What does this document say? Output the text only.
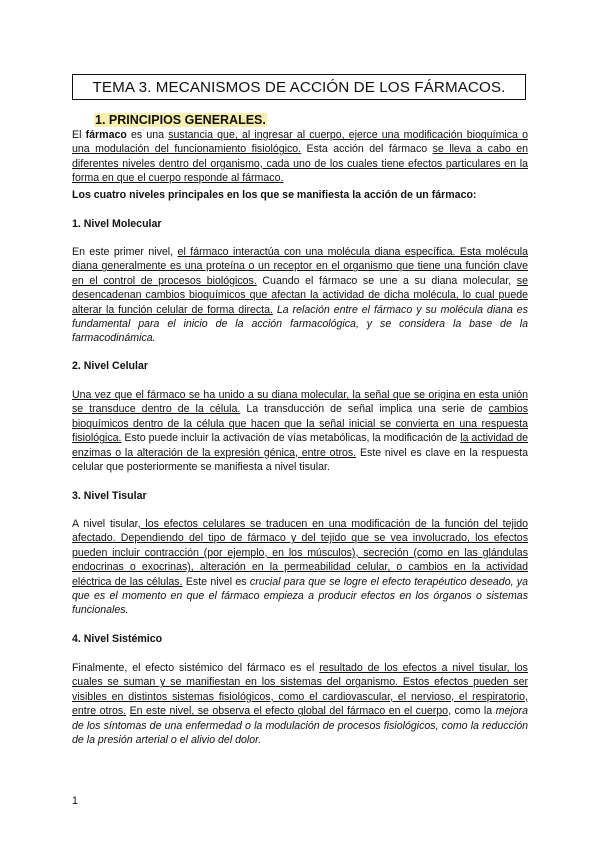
TEMA 3. MECANISMOS DE ACCIÓN DE LOS FÁRMACOS.
1. PRINCIPIOS GENERALES.
El fármaco es una sustancia que, al ingresar al cuerpo, ejerce una modificación bioquímica o una modulación del funcionamiento fisiológico. Esta acción del fármaco se lleva a cabo en diferentes niveles dentro del organismo, cada uno de los cuales tiene efectos particulares en la forma en que el cuerpo responde al fármaco.
Los cuatro niveles principales en los que se manifiesta la acción de un fármaco:
1. Nivel Molecular
En este primer nivel, el fármaco interactúa con una molécula diana específica. Esta molécula diana generalmente es una proteína o un receptor en el organismo que tiene una función clave en el control de procesos biológicos. Cuando el fármaco se une a su diana molecular, se desencadenan cambios bioquímicos que afectan la actividad de dicha molécula, lo cual puede alterar la función celular de forma directa. La relación entre el fármaco y su molécula diana es fundamental para el inicio de la acción farmacológica, y se considera la base de la farmacodinámica.
2. Nivel Celular
Una vez que el fármaco se ha unido a su diana molecular, la señal que se origina en esta unión se transduce dentro de la célula. La transducción de señal implica una serie de cambios bioquímicos dentro de la célula que hacen que la señal inicial se convierta en una respuesta fisiológica. Esto puede incluir la activación de vías metabólicas, la modificación de la actividad de enzimas o la alteración de la expresión génica, entre otros. Este nivel es clave en la respuesta celular que posteriormente se manifiesta a nivel tisular.
3. Nivel Tisular
A nivel tisular, los efectos celulares se traducen en una modificación de la función del tejido afectado. Dependiendo del tipo de fármaco y del tejido que se vea involucrado, los efectos pueden incluir contracción (por ejemplo, en los músculos), secreción (como en las glándulas endocrinas o exocrinas), alteración en la permeabilidad celular, o cambios en la actividad eléctrica de las células. Este nivel es crucial para que se logre el efecto terapéutico deseado, ya que es el momento en que el fármaco empieza a producir efectos en los órganos o sistemas funcionales.
4. Nivel Sistémico
Finalmente, el efecto sistémico del fármaco es el resultado de los efectos a nivel tisular, los cuales se suman y se manifiestan en los sistemas del organismo. Estos efectos pueden ser visibles en distintos sistemas fisiológicos, como el cardiovascular, el nervioso, el respiratorio, entre otros. En este nivel, se observa el efecto global del fármaco en el cuerpo, como la mejora de los síntomas de una enfermedad o la modulación de procesos fisiológicos, como la reducción de la presión arterial o el alivio del dolor.
1
